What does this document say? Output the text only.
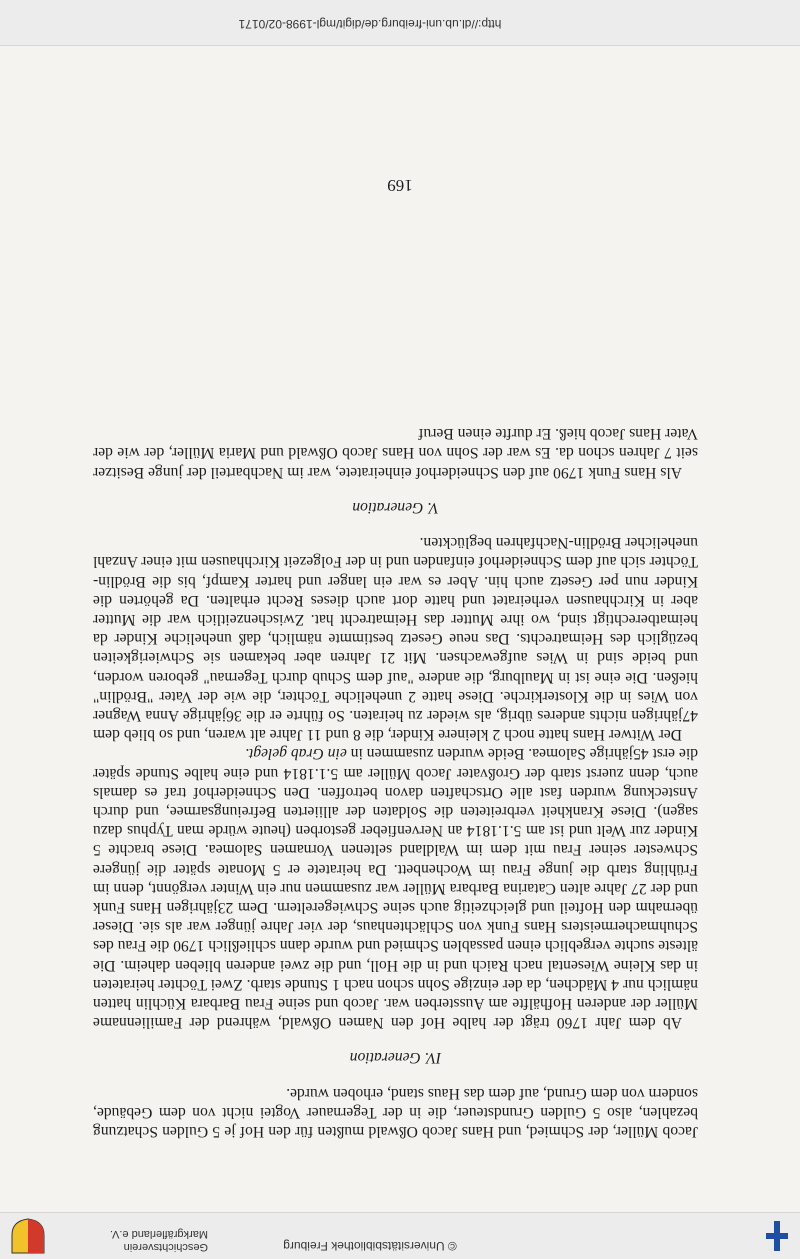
© Universitätsbibliothek Freiburg
Geschichtsverein
Markgräflerland e.V.

Jacob Müller, der Schmied, und Hans Jacob Oßwald mußten für den Hof je 5 Gulden Schatzung bezahlen, also 5 Gulden Grundsteuer, die in der Tegernauer Vogtei nicht von dem Gebäude, sondern von dem Grund, auf dem das Haus stand, erhoben wurde.

IV. Generation

Ab dem Jahr 1760 trägt der halbe Hof den Namen Oßwald, während der Familienname Müller der anderen Hofhälfte am Aussterben war. Jacob und seine Frau Barbara Küchlin hatten nämlich nur 4 Mädchen, da der einzige Sohn schon nach 1 Stunde starb. Zwei Töchter heirateten in das Kleine Wiesental nach Raich und in die Holl, und die zwei anderen blieben daheim. Die älteste suchte vergeblich einen passablen Schmied und wurde dann schließlich 1790 die Frau des Schuhmachermeisters Hans Funk von Schlächtenhaus, der vier Jahre jünger war als sie. Dieser übernahm den Hofteil und gleichzeitig auch seine Schwiegereltern. Dem 23jährigen Hans Funk und der 27 Jahre alten Catarina Barbara Müller war zusammen nur ein Winter vergönnt, denn im Frühling starb die junge Frau im Wochenbett. Da heiratete er 5 Monate später die jüngere Schwester seiner Frau mit dem im Waldland seltenen Vornamen Salomea. Diese brachte 5 Kinder zur Welt und ist am 5.1.1814 an Nervenfieber gestorben (heute würde man Typhus dazu sagen). Diese Krankheit verbreiteten die Soldaten der alliierten Befreiungsarmee, und durch Ansteckung wurden fast alle Ortschaften davon betroffen. Den Schneiderhof traf es damals auch, denn zuerst starb der Großvater Jacob Müller am 5.1.1814 und eine halbe Stunde später die erst 45jährige Salomea. Beide wurden zusammen in ein Grab gelegt.

Der Witwer Hans hatte noch 2 kleinere Kinder, die 8 und 11 Jahre alt waren, und so blieb dem 47jährigen nichts anderes übrig, als wieder zu heiraten. So führte er die 36jährige Anna Wagner von Wies in die Klosterkirche. Diese hatte 2 uneheliche Töchter, die wie der Vater "Brödlin" hießen. Die eine ist in Maulburg, die andere "auf dem Schub durch Tegernau" geboren worden, und beide sind in Wies aufgewachsen. Mit 21 Jahren aber bekamen sie Schwierigkeiten bezüglich des Heimatrechts. Das neue Gesetz bestimmte nämlich, daß uneheliche Kinder da heimatberechtigt sind, wo ihre Mutter das Heimatrecht hat. Zwischenzeitlich war die Mutter aber in Kirchhausen verheiratet und hatte dort auch dieses Recht erhalten. Da gehörten die Kinder nun per Gesetz auch hin. Aber es war ein langer und harter Kampf, bis die Brödlin-Töchter sich auf dem Schneiderhof einfanden und in der Folgezeit Kirchhausen mit einer Anzahl unehelicher Brödlin-Nachfahren beglückten.

V. Generation

Als Hans Funk 1790 auf den Schneiderhof einheiratete, war im Nachbarteil der junge Besitzer seit 7 Jahren schon da. Es war der Sohn von Hans Jacob Oßwald und Maria Müller, der wie der Vater Hans Jacob hieß. Er durfte einen Beruf

169
http://dl.ub.uni-freiburg.de/digit/mgl-1998-02/0171
